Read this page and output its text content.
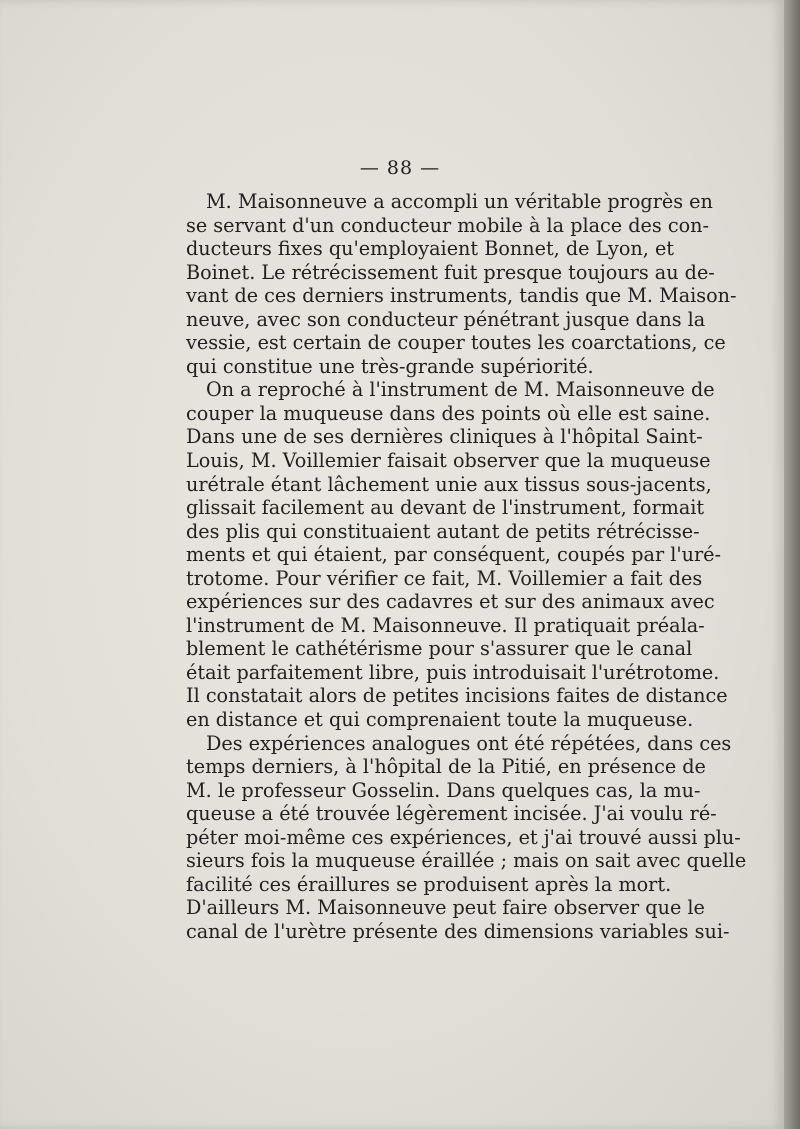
— 88 —
M. Maisonneuve a accompli un véritable progrès en
se servant d'un conducteur mobile à la place des con-
ducteurs fixes qu'employaient Bonnet, de Lyon, et
Boinet. Le rétrécissement fuit presque toujours au de-
vant de ces derniers instruments, tandis que M. Maison-
neuve, avec son conducteur pénétrant jusque dans la
vessie, est certain de couper toutes les coarctations, ce
qui constitue une très-grande supériorité.
On a reproché à l'instrument de M. Maisonneuve de
couper la muqueuse dans des points où elle est saine.
Dans une de ses dernières cliniques à l'hôpital Saint-
Louis, M. Voillemier faisait observer que la muqueuse
urétrale étant lâchement unie aux tissus sous-jacents,
glissait facilement au devant de l'instrument, formait
des plis qui constituaient autant de petits rétrécisse-
ments et qui étaient, par conséquent, coupés par l'uré-
trotome. Pour vérifier ce fait, M. Voillemier a fait des
expériences sur des cadavres et sur des animaux avec
l'instrument de M. Maisonneuve. Il pratiquait préala-
blement le cathétérisme pour s'assurer que le canal
était parfaitement libre, puis introduisait l'urétrotome.
Il constatait alors de petites incisions faites de distance
en distance et qui comprenaient toute la muqueuse.
Des expériences analogues ont été répétées, dans ces
temps derniers, à l'hôpital de la Pitié, en présence de
M. le professeur Gosselin. Dans quelques cas, la mu-
queuse a été trouvée légèrement incisée. J'ai voulu ré-
péter moi-même ces expériences, et j'ai trouvé aussi plu-
sieurs fois la muqueuse éraillée ; mais on sait avec quelle
facilité ces éraillures se produisent après la mort.
D'ailleurs M. Maisonneuve peut faire observer que le
canal de l'urètre présente des dimensions variables sui-
